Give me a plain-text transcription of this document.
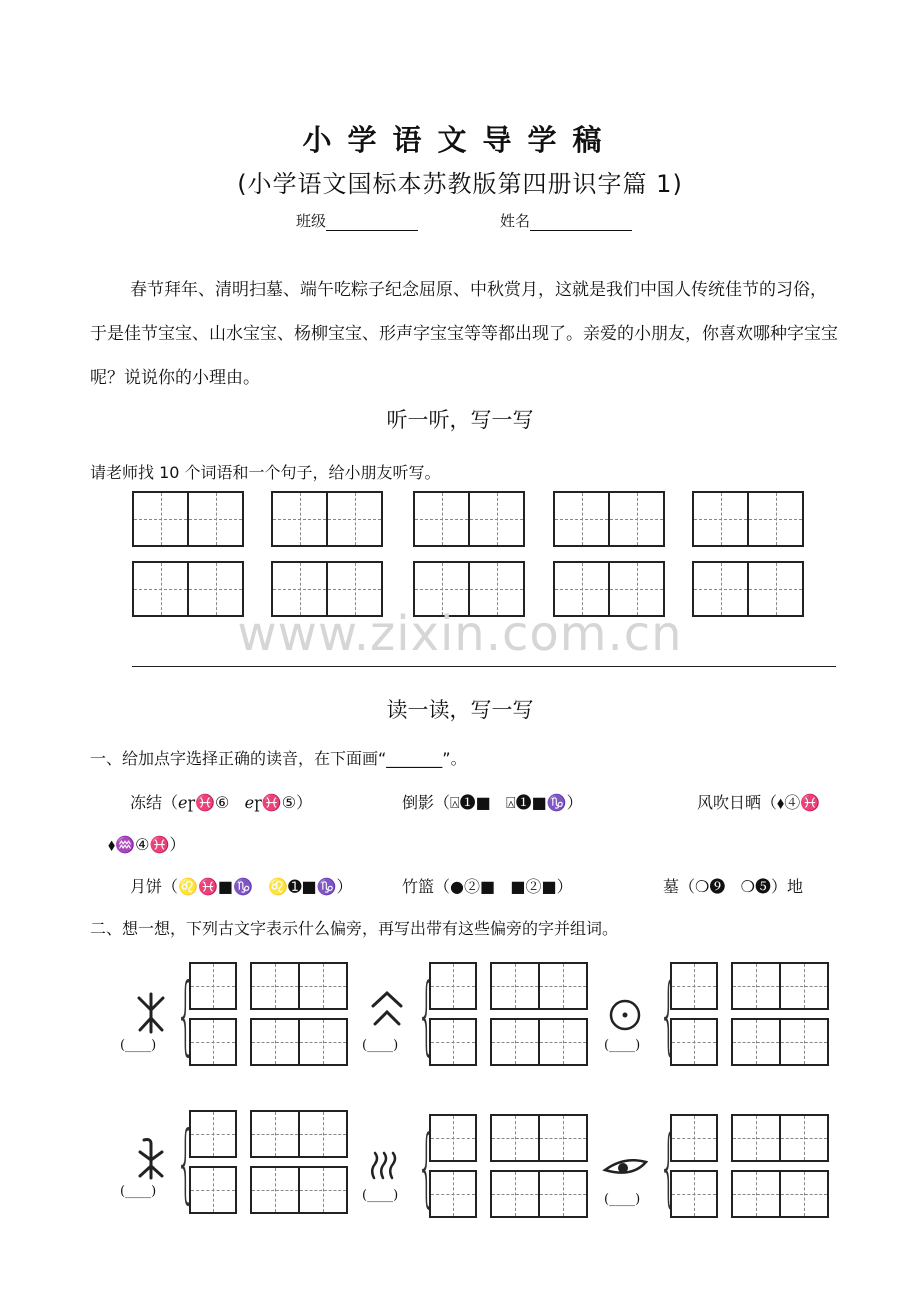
小学语文导学稿
(小学语文国标本苏教版第四册识字篇 1)
班级	姓名
春节拜年、清明扫墓、端午吃粽子纪念屈原、中秋赏月，这就是我们中国人传统佳节的习俗，于是佳节宝宝、山水宝宝、杨柳宝宝、形声字宝宝等等都出现了。亲爱的小朋友，你喜欢哪种字宝宝呢？说说你的小理由。
听一听，写一写
请老师找 10 个词语和一个句子，给小朋友听写。
www.zixin.com.cn
读一读，写一写
一、给加点字选择正确的读音，在下面画“_______”。
冻结（ℯɼ♓⑥ ℯɼ♓⑤）	倒影（⍓➊■ ⍓➊■♑）	风吹日晒（⬧④♓
⬧♒④♓）
月饼（♌♓■♑ ♌➊■♑）	竹篮（●②■ ■②■）	墓（❍➒ ❍➎）地
二、想一想，下列古文字表示什么偏旁，再写出带有这些偏旁的字并组词。
(____) {	(____) {	(____) {
(____) {	(____) {	(____) {
